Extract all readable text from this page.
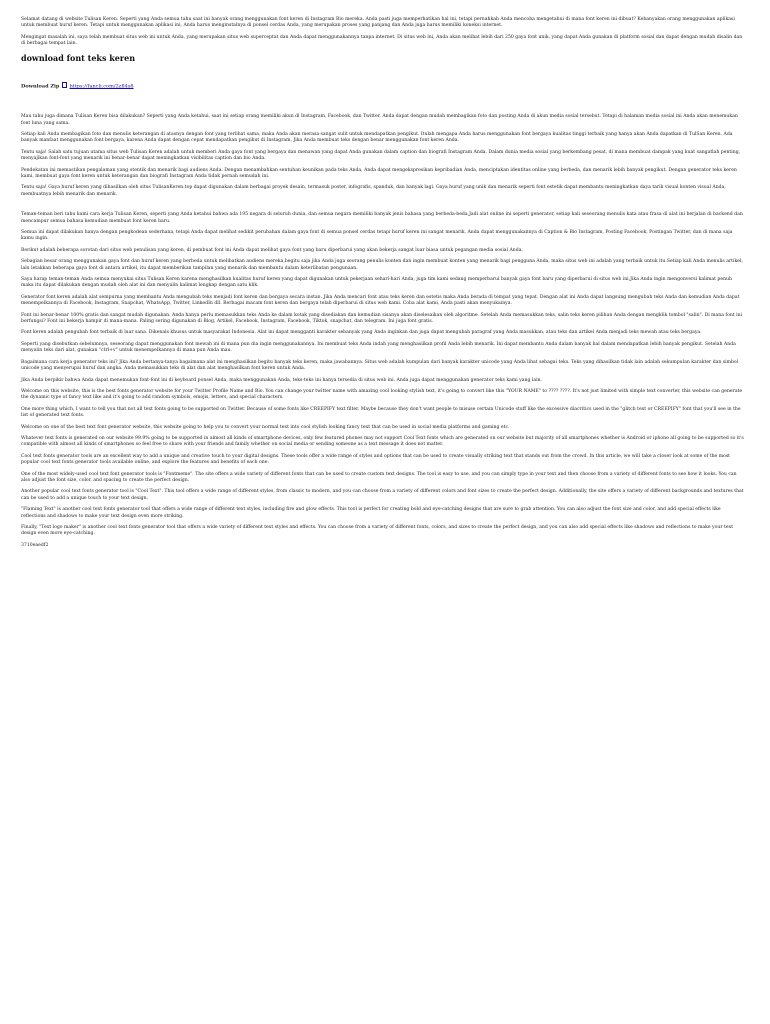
Selamat datang di website Tulisan Keren. Seperti yang Anda semua tahu saat ini banyak orang menggunakan font keren di Instagram Bio mereka. Anda pasti juga memperhatikan hal ini, tetapi pernahkah Anda mencoba mengetahui di mana font keren ini dibuat? Kebanyakan orang menggunakan aplikasi untuk membuat huruf keren. Tetapi untuk menggunakan aplikasi ini, Anda harus menginstalnya di ponsel cerdas Anda, yang merupakan proses yang panjang dan Anda juga harus memiliki koneksi internet.

Mengingat masalah ini, saya telah membuat situs web ini untuk Anda, yang merupakan situs web superceptat dan Anda dapat menggunakannya tanpa internet. Di situs web ini, Anda akan melihat lebih dari 250 gaya font unik, yang dapat Anda gunakan di platform sosial dan dapat dengan mudah disalin dan di berbagai tempat lain.

download font teks keren
Download Zip https://fancli.com/2zfl4s8

Mau tahu juga dimana Tulisan Keren bisa dilakukan? Seperti yang Anda ketahui, saat ini setiap orang memiliki akun di Instagram, Facebook, dan Twitter. Anda dapat dengan mudah membagikan foto dan posting Anda di akun media sosial tersebut. Tetapi di halaman media sosial ini Anda akan menemukan font luna yang sama.

Setiap kali Anda membagikan foto dan menulis keterangan di atasnya dengan font yang terlihat sama, maka Anda akan merasa sangat sulit untuk mendapatkan pengikut. Itulah mengapa Anda harus menggunakan font bergaya kualitas tinggi terbaik yang hanya akan Anda dapatkan di TulSan Keren. Ada banyak manfaat menggunakan font bergaya, karena Anda dapat dengan cepat mendapatkan pengikut di Instagram, Jika Anda membuat teks dengan benar menggunakan font keren Anda.

Tentu saja! Salah satu tujuan utama situs web Tulisan Keren adalah untuk memberi Anda gaya font yang bergaya dan menawan yang dapat Anda gunakan dalam caption dan biografi Instagram Anda. Dalam dunia media sosial yang berkembang pesat, di mana membuat dampak yang kuat sangatlah penting, menyajikan font-font yang menarik ini benar-benar dapat meningkatkan visibilitas caption dan bio Anda.

Pendekatan ini memastikan pengalaman yang otentik dan menarik bagi audiens Anda. Dengan menambahkan sentuhan keunikan pada teks Anda, Anda dapat mengekspresikan kepribadian Anda, menciptakan identitas online yang berbeda, dan menarik lebih banyak pengikut. Dengan generator teks keren kami, membuat gaya font keren untuk keterangan dan biografi Instagram Anda tidak pernah semudah ini.

Tentu saja! Gaya huruf keren yang dihasilkan oleh situs TulisanKeren.top dapat digunakan dalam berbagai proyek desain, termasuk poster, infografis, spanduk, dan banyak lagi. Gaya huruf yang unik dan menarik seperti font estetik dapat membantu meningkatkan daya tarik visual konten visual Anda, membuatnya lebih menarik dan menarik.

Teman-teman beri tahu kami cara kerja Tulisan Keren, seperti yang Anda ketahui bahwa ada 195 negara di seluruh dunia, dan semua negara memiliki banyak jenis bahasa yang berbeda-beda,Jadi alat online ini seperti generator, setiap kali seseorang menulis kata atau frasa di alat ini berjalan di backend dan mencampur semua bahasa kemudian membuat font keren baru.

Semua ini dapat dilakukan hanya dengan pengkodean sederhana, tetapi Anda dapat melihat sedikit perubahan dalam gaya font di semua ponsel cerdas tetapi huruf keren ini sangat menarik, Anda dapat menggunakannya di Caption & Bio Instagram, Posting Facebook, Postingan Twitter, dan di mana saja kamu ingin.

Berikut adalah beberapa sorotan dari situs web penulisan yang keren, di pembuat font ini Anda dapat melihat gaya font yang baru diperbarui yang akan bekerja sangat luar biasa untuk pegangan media sosial Anda.

Sebagian besar orang menggunakan gaya font dan huruf keren yang berbeda untuk melibatkan audiens mereka,begitu saja jika Anda juga seorang penulis konten dan ingin membuat konten yang menarik bagi pengguna Anda, maka situs web ini adalah yang terbaik untuk itu.Setiap kali Anda menulis artikel, lalu letakkan beberapa gaya font di antara artikel, itu dapat memberikan tampilan yang menarik dan membantu dalam keterlibatan pengunaan.

Saya harap teman-teman Anda semua menyukai situs Tulisan Keren karena menghasilkan kualitas huruf keren yang dapat digunakan untuk pekerjaan seharí-hari Anda, juga tim kami sedang memperbarui banyak gaya font baru yang diperbarui di situs web ini,Jika Anda ingin mengonversi kalimat penuh maka itu dapat dilakukan dengan mudah oleh alat ini dan menyalin kalimat lengkap dengan satu klik.

Generator font keren adalah alat sempurna yang membantu Anda mengubah teks menjadi font keren dan bergaya secara instan. Jika Anda mencari font atau teks keren dan estetis maka Anda berada di tempat yang tepat. Dengan alat ini Anda dapat langsung mengubah teks Anda dan kemudian Anda dapat menempelkannya di Facebook, Instagram, Snapchat, WhatsApp, Twitter, LinkedIn dll. Berbagai macam font keren dan bergaya telah diperbarui di situs web kami. Coba alat kami, Anda pasti akan menyukainya.

Font ini benar-benar 100% gratis dan sangat mudah digunakan. Anda hanya perlu memasukkan teks Anda ke dalam kotak yang disediakan dan kemudian sisanya akan diselesaikan oleh algoritme. Setelah Anda memasukkan teks, salin teks keren pilihan Anda dengan mengklik tombol "salin". Di mana font ini berfungsi? Font ini bekerja hampir di mana-mana. Paling sering digunakan di Blog, Artikel, Facebook, Instagram, Facebook, Tiktok, snapchat, dan telegram. Ini juga font gratis.

Font keren adalah pengubah font terbaik di luar sana. Dikenals khusus untuk masyarakat Indonesia. Alat ini dapat mengganti karakter sebanyak yang Anda inginkan dan juga dapat mengubah paragraf yang Anda masukkan, atau teks dan artikel Anda menjadi teks mewah atau teks bergaya.

Seperti yang disebutkan sebelumnya, seseorang dapat menggunakan font mewah ini di mana pun dia ingin menggunakannya. Ini membuat teks Anda indah yang menghasilkan profil Anda lebih menarik. Ini dapat membantu Anda dalam banyak hal dalam mendapatkan lebih banyak pengikut. Setelah Anda menyalin teks dari alat, gunakan "ctrl+v" untuk menempelkannya di mana pun Anda mau.

Bagaimana cara kerja generator teks ini? Jika Anda bertanya-tanya bagaimana alat ini menghasilkan begitu banyak teks keren, maka jawabannya. Situs web adalah kumpulan dari banyak karakter unicode yang Anda lihat sebagai teks. Teks yang dihasilkan tidak lain adalah sekumpulan karakter dan simbol unicode yang menyerupai huruf dan angka. Anda memasukkan teks di alat dan alat menghasilkan font keren untuk Anda.

Jika Anda berpikir bahwa Anda dapat menemukan font-font ini di keyboard ponsel Anda, maka menggunakan Anda, teks-teks ini hanya tersedia di situs web ini. Anda juga dapat menggunakan generator teks kami yang lain.

Welcome on this website, this is the best fonts generator website for your Twitter Profile Name and Bio. You can change your twitter name with amazing cool looking stylish text, it's going to convert like this "YOUR NAME" to ???? ????. It's not just limited with simple text converter, this website can generate the dynamic type of fancy text like and it's going to add random symbols, emojis, letters, and special characters.

One more thing which, I want to tell you that not all text fonts going to be supported on Twitter. Because of some fonts like CREEPIFY text filter. Maybe because they don't want people to misuse certain Unicode stuff like the excessive diacritics used in the "glitch text or CREEPIFY" font that you'll see in the list of generated text fonts.

Welcome on one of the best text font generator website, this website going to help you to convert your normal text into cool stylish looking fancy text that can be used in social media platforms and gaming etc.

Whatever text fonts is generated on our website 99.9% going to be supported in almost all kinds of smartphone devices, only few featured phones may not support Cool Text fonts which are generated on our website but majority of all smartphones whether is Android or iphone all going to be supported so it's compatible with almost all kinds of smartphones so feel free to share with your friends and family whether on social media or sending someone as a text message it does not matter.

Cool text fonts generator tools are an excellent way to add a unique and creative touch to your digital designs. These tools offer a wide range of styles and options that can be used to create visually striking text that stands out from the crowd. In this article, we will take a closer look at some of the most popular cool text fonts generator tools available online, and explore the features and benefits of each one.

One of the most widely-used cool text font generator tools is "Fontmeme". The site offers a wide variety of different fonts that can be used to create custom text designs. The tool is easy to use, and you can simply type in your text and then choose from a variety of different fonts to see how it looks. You can also adjust the font size, color, and spacing to create the perfect design.

Another popular cool text fonts generator tool is "Cool Text". This tool offers a wide range of different styles, from classic to modern, and you can choose from a variety of different colors and font sizes to create the perfect design. Additionally, the site offers a variety of different backgrounds and textures that can be used to add a unique touch to your text design.

"Flaming Text" is another cool text fonts generator tool that offers a wide range of different text styles, including fire and glow effects. This tool is perfect for creating bold and eye-catching designs that are sure to grab attention. You can also adjust the font size and color, and add special effects like reflections and shadows to make your text design even more striking.

Finally, "Text logo maker" is another cool text fonts generator tool that offers a wide variety of different text styles and effects. You can choose from a variety of different fonts, colors, and sizes to create the perfect design, and you can also add special effects like shadows and reflections to make your text design even more eye-catching.

3710eaedf2
